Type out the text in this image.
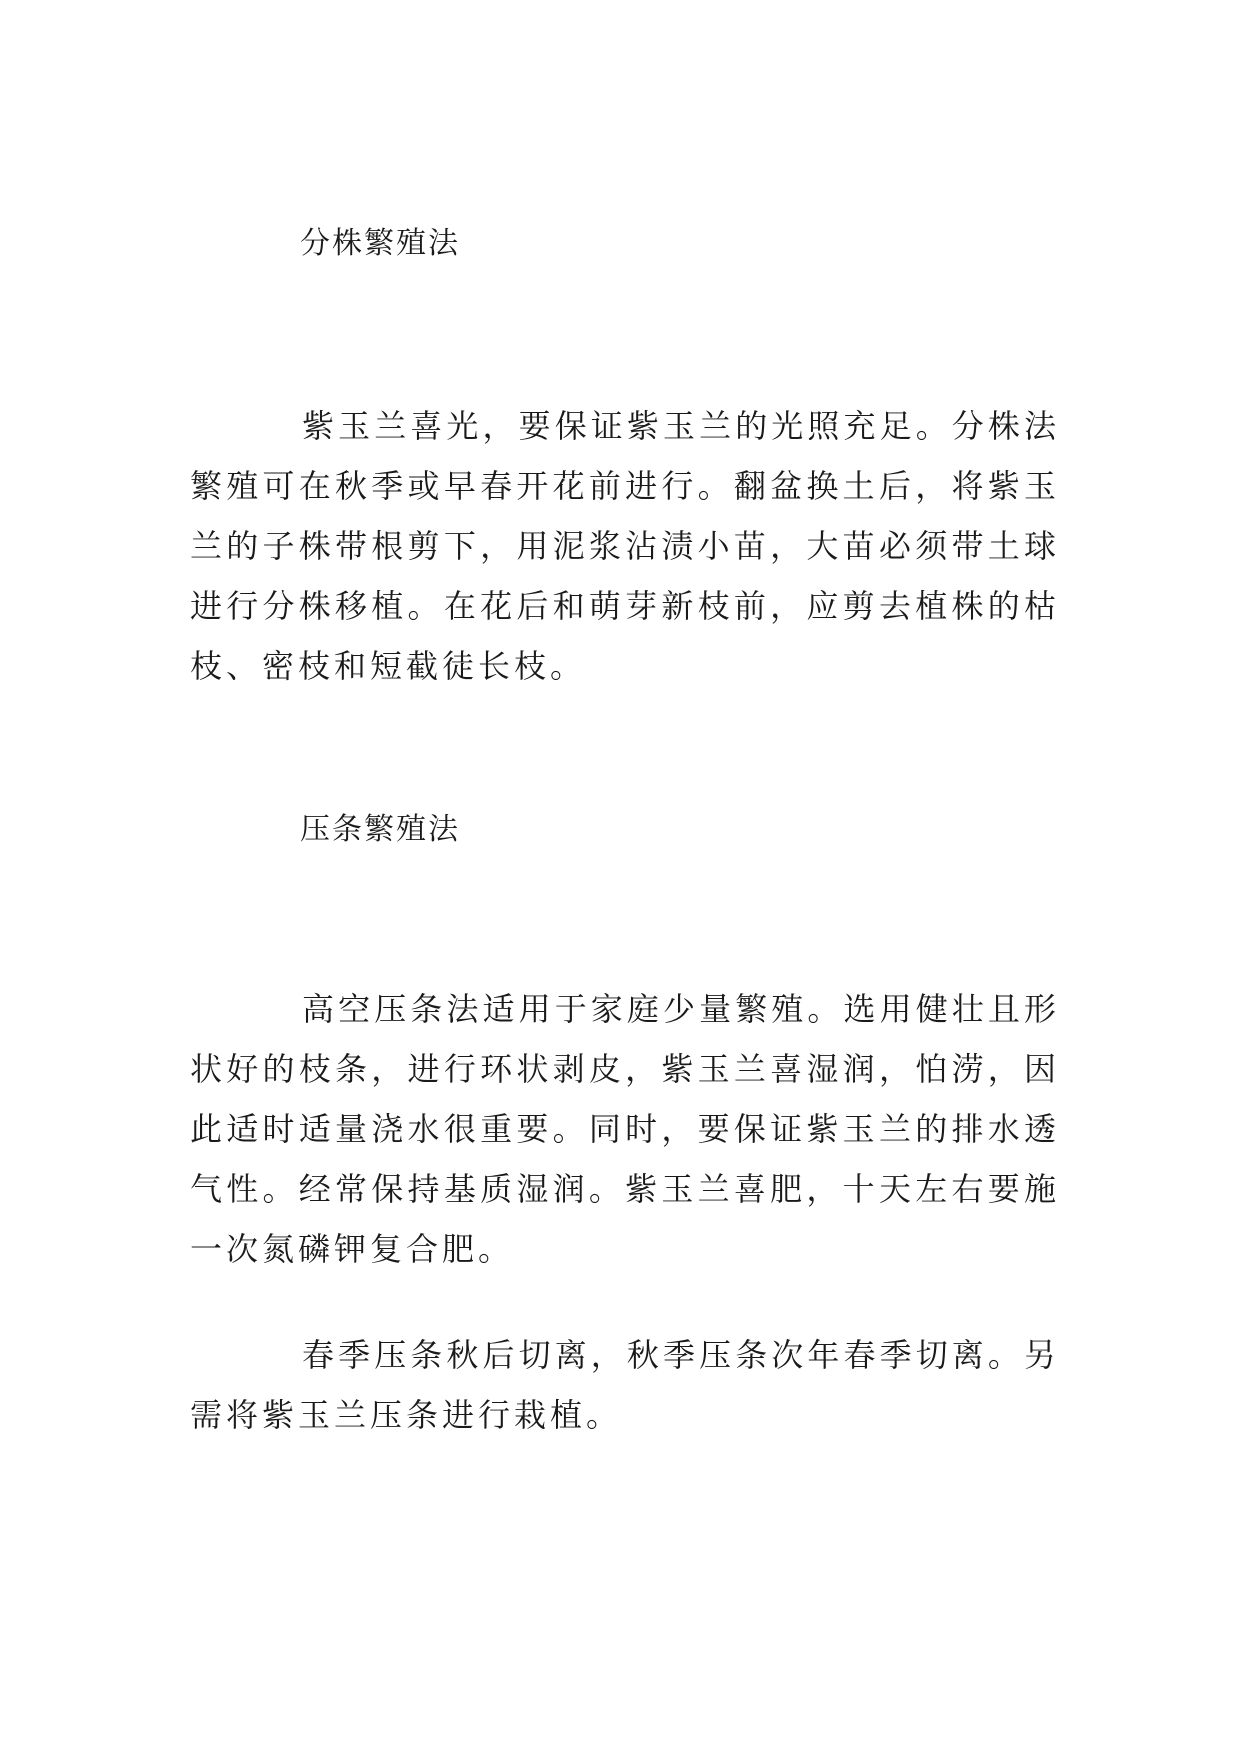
分株繁殖法

紫玉兰喜光，要保证紫玉兰的光照充足。分株法繁殖可在秋季或早春开花前进行。翻盆换土后，将紫玉兰的子株带根剪下，用泥浆沾渍小苗，大苗必须带土球进行分株移植。在花后和萌芽新枝前，应剪去植株的枯枝、密枝和短截徒长枝。

压条繁殖法

高空压条法适用于家庭少量繁殖。选用健壮且形状好的枝条，进行环状剥皮，紫玉兰喜湿润，怕涝，因此适时适量浇水很重要。同时，要保证紫玉兰的排水透气性。经常保持基质湿润。紫玉兰喜肥，十天左右要施一次氮磷钾复合肥。

春季压条秋后切离，秋季压条次年春季切离。另需将紫玉兰压条进行栽植。
